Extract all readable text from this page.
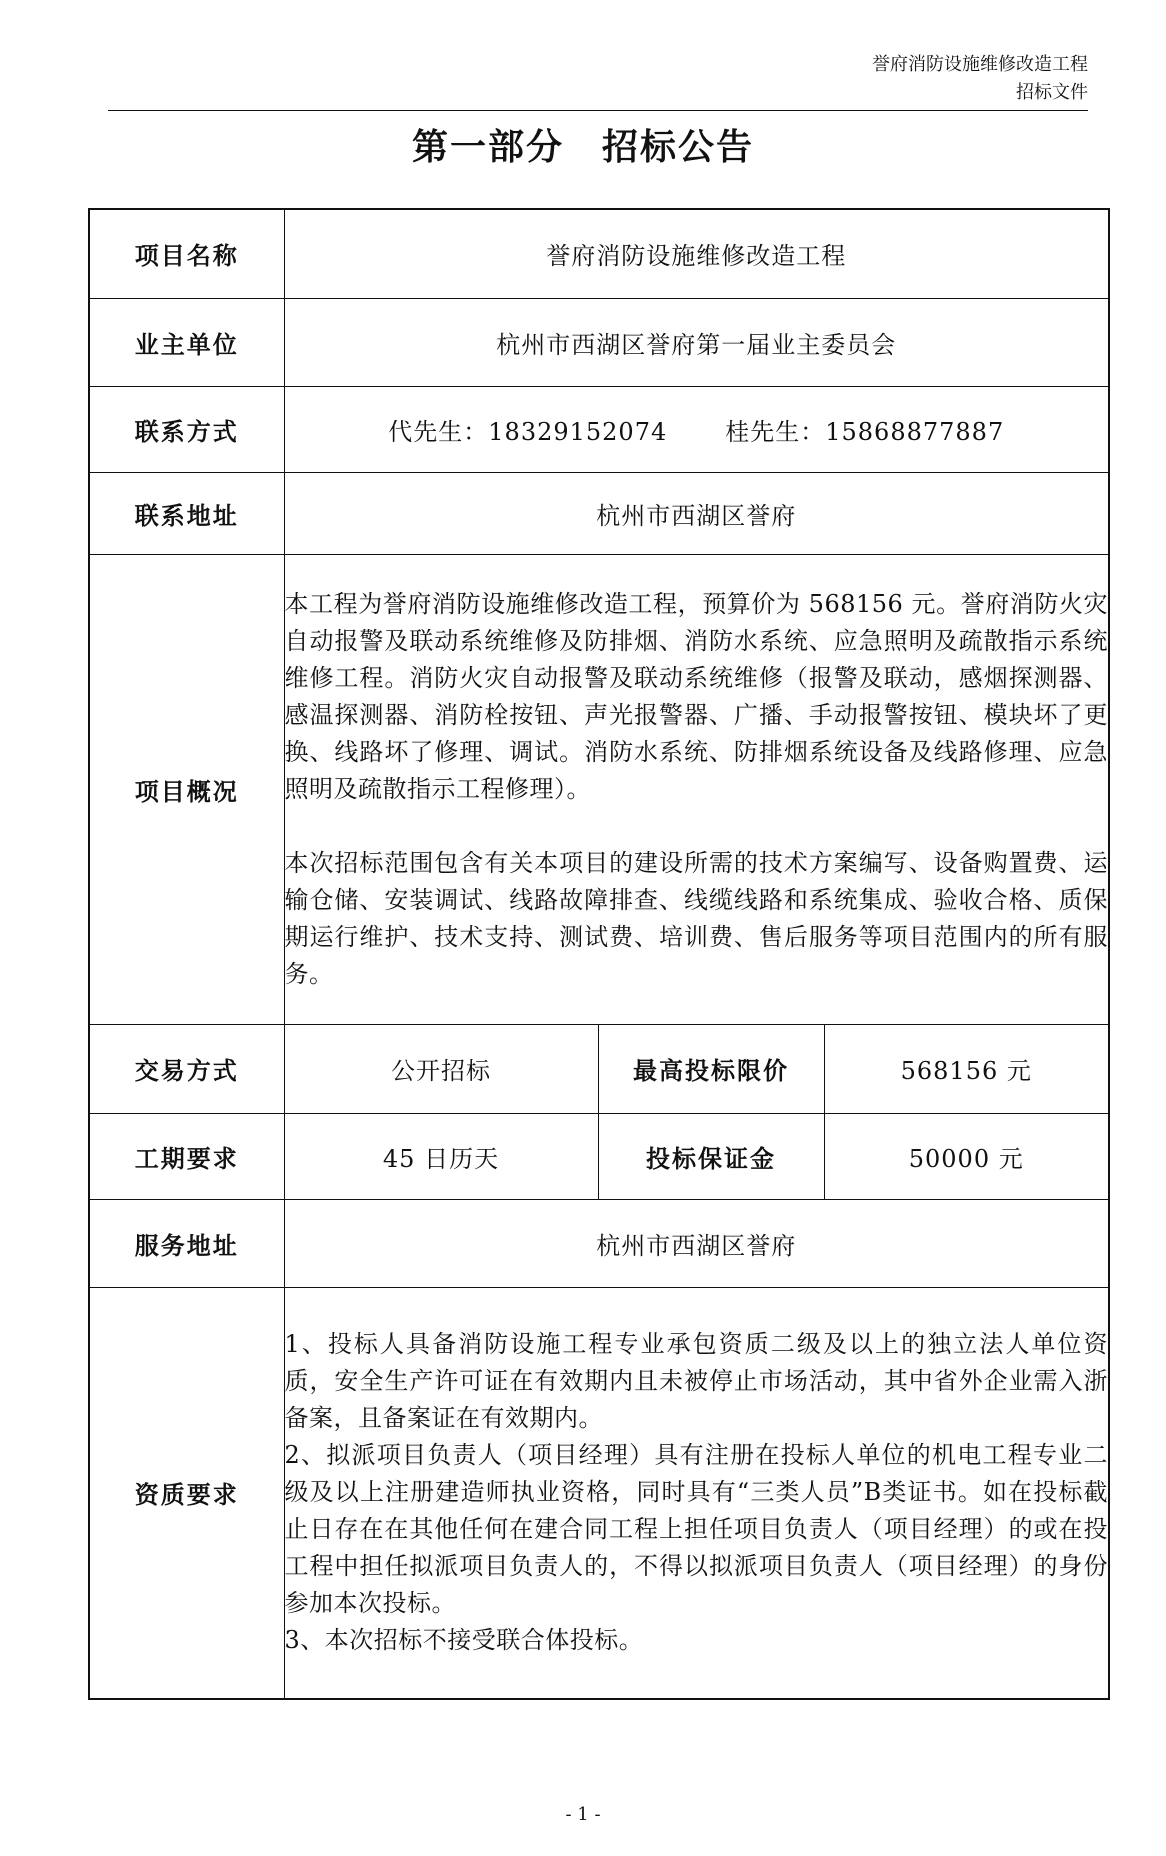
誉府消防设施维修改造工程
招标文件
第一部分 招标公告
项目名称	誉府消防设施维修改造工程		
业主单位	杭州市西湖区誉府第一届业主委员会		
联系方式	代先生：18329152074 桂先生：15868877887		
联系地址	杭州市西湖区誉府		
项目概况	本工程为誉府消防设施维修改造工程，预算价为 568156 元。誉府消防火灾自动报警及联动系统维修及防排烟、消防水系统、应急照明及疏散指示系统维修工程。消防火灾自动报警及联动系统维修（报警及联动，感烟探测器、感温探测器、消防栓按钮、声光报警器、广播、手动报警按钮、模块坏了更换、线路坏了修理、调试。消防水系统、防排烟系统设备及线路修理、应急照明及疏散指示工程修理）。

本次招标范围包含有关本项目的建设所需的技术方案编写、设备购置费、运输仓储、安装调试、线路故障排查、线缆线路和系统集成、验收合格、质保期运行维护、技术支持、测试费、培训费、售后服务等项目范围内的所有服务。		

交易方式	公开招标	最高投标限价	568156 元
工期要求	45 日历天	投标保证金	50000 元
服务地址	杭州市西湖区誉府		
资质要求	1、投标人具备消防设施工程专业承包资质二级及以上的独立法人单位资质，安全生产许可证在有效期内且未被停止市场活动，其中省外企业需入浙备案，且备案证在有效期内。

2、拟派项目负责人（项目经理）具有注册在投标人单位的机电工程专业二级及以上注册建造师执业资格，同时具有“三类人员”B类证书。如在投标截止日存在在其他任何在建合同工程上担任项目负责人（项目经理）的或在投工程中担任拟派项目负责人的，不得以拟派项目负责人（项目经理）的身份参加本次投标。

3、本次招标不接受联合体投标。		

- 1 -
